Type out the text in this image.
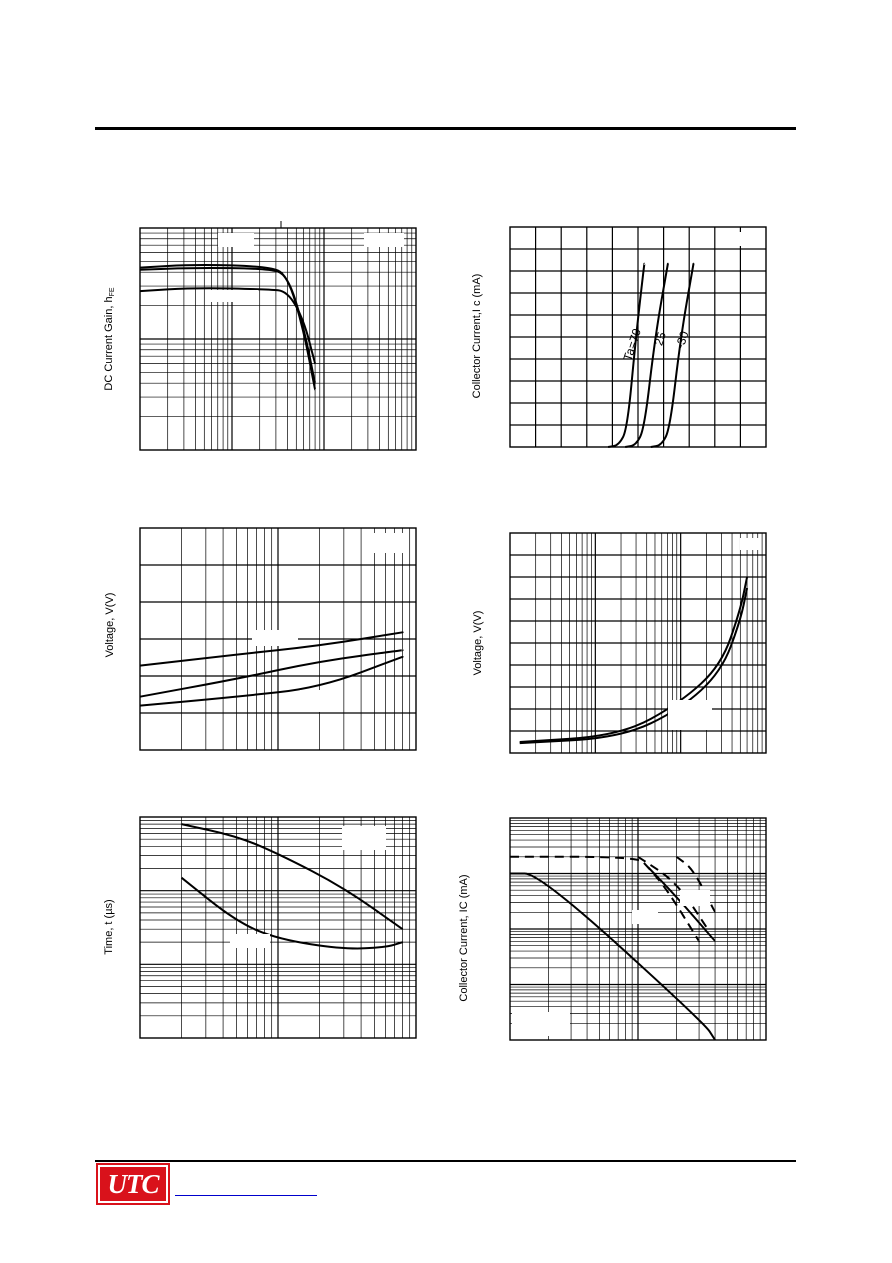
DC Current Gain, hFE	Collector Current,I c (mA)	Ta=70 25 -30
Voltage, V(V)	Voltage, V(V)
Time, t (µs)	Collector Current, IC (mA)
UTC
